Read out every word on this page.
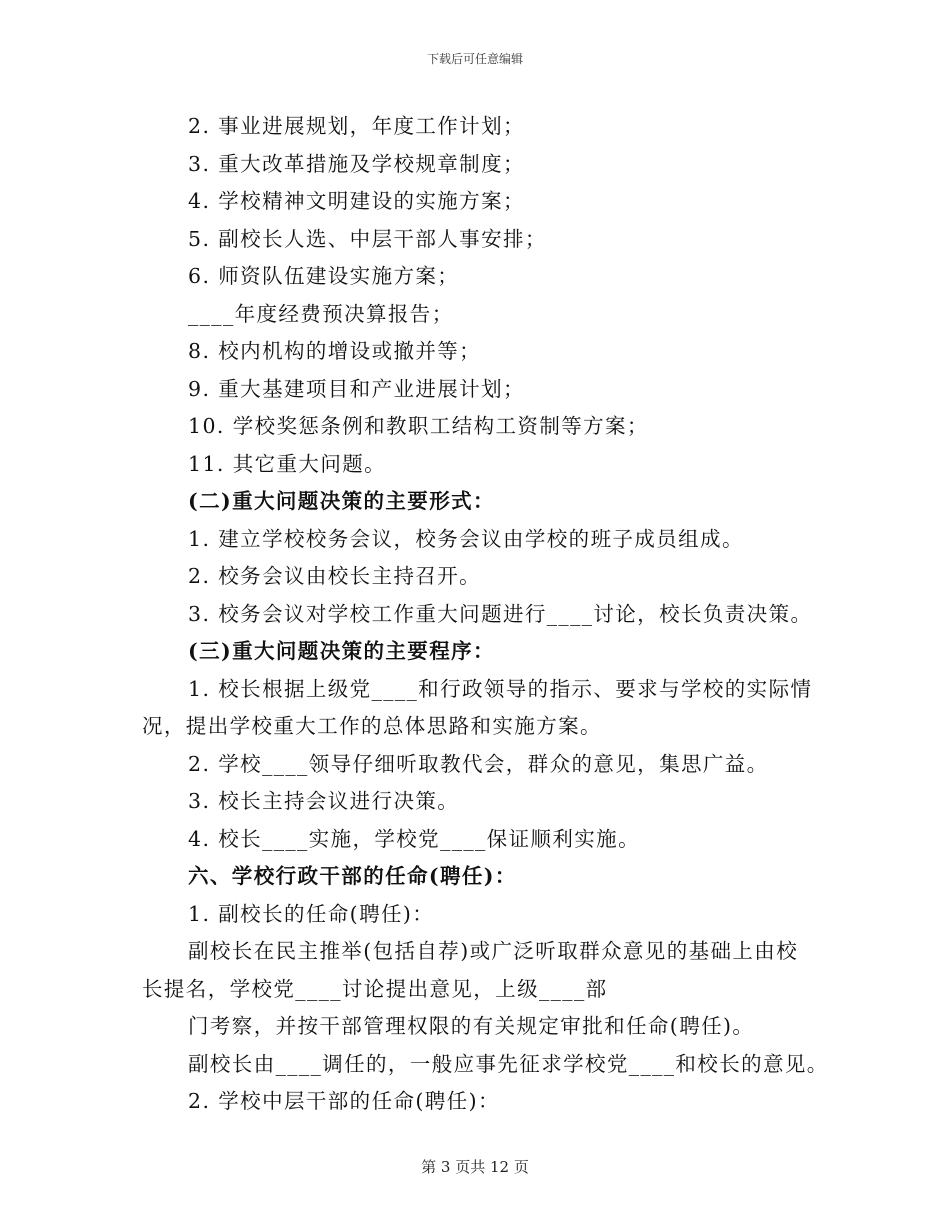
下载后可任意编辑
2. 事业进展规划，年度工作计划；
3. 重大改革措施及学校规章制度；
4. 学校精神文明建设的实施方案；
5. 副校长人选、中层干部人事安排；
6. 师资队伍建设实施方案；
____年度经费预决算报告；
8. 校内机构的增设或撤并等；
9. 重大基建项目和产业进展计划；
10. 学校奖惩条例和教职工结构工资制等方案；
11. 其它重大问题。
(二)重大问题决策的主要形式：
1. 建立学校校务会议，校务会议由学校的班子成员组成。
2. 校务会议由校长主持召开。
3. 校务会议对学校工作重大问题进行____讨论，校长负责决策。
(三)重大问题决策的主要程序：
1. 校长根据上级党____和行政领导的指示、要求与学校的实际情
况，提出学校重大工作的总体思路和实施方案。
2. 学校____领导仔细听取教代会，群众的意见，集思广益。
3. 校长主持会议进行决策。
4. 校长____实施，学校党____保证顺利实施。
六、学校行政干部的任命(聘任)：
1. 副校长的任命(聘任)：
副校长在民主推举(包括自荐)或广泛听取群众意见的基础上由校
长提名，学校党____讨论提出意见，上级____部
门考察，并按干部管理权限的有关规定审批和任命(聘任)。
副校长由____调任的，一般应事先征求学校党____和校长的意见。
2. 学校中层干部的任命(聘任)：
第 3 页共 12 页
